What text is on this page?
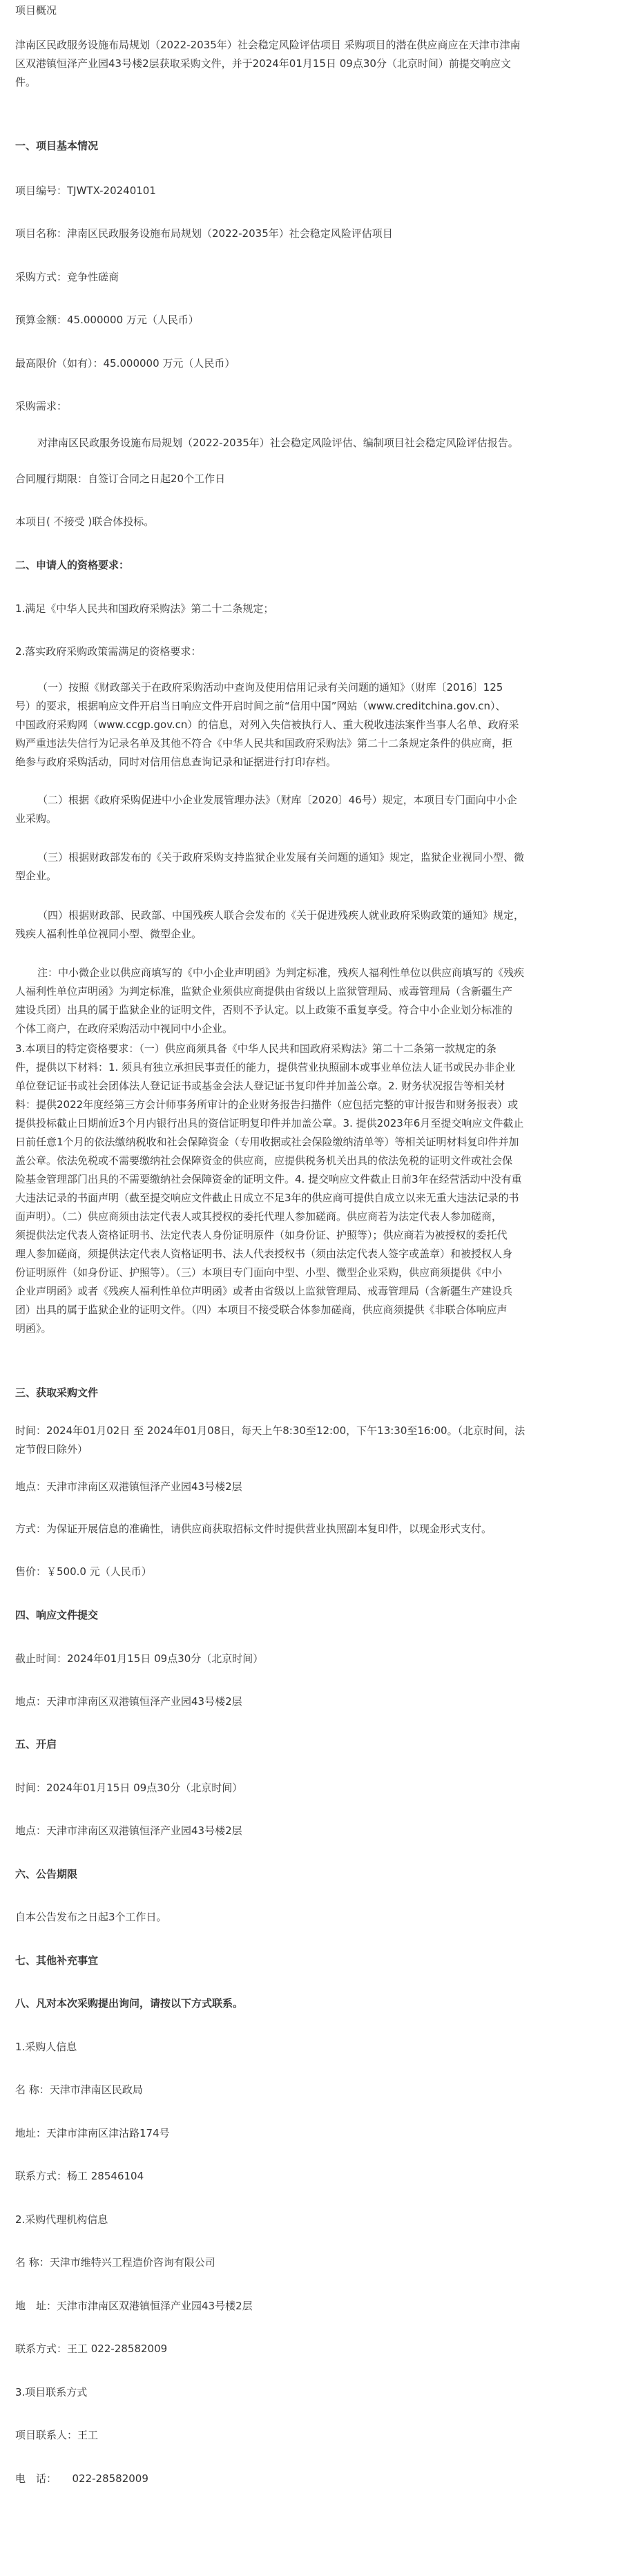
项目概况
津南区民政服务设施布局规划（2022-2035年）社会稳定风险评估项目 采购项目的潜在供应商应在天津市津南
区双港镇恒泽产业园43号楼2层获取采购文件，并于2024年01月15日 09点30分（北京时间）前提交响应文
件。
一、项目基本情况
项目编号：TJWTX-20240101
项目名称：津南区民政服务设施布局规划（2022-2035年）社会稳定风险评估项目
采购方式：竞争性磋商
预算金额：45.000000 万元（人民币）
最高限价（如有）：45.000000 万元（人民币）
采购需求：
对津南区民政服务设施布局规划（2022-2035年）社会稳定风险评估、编制项目社会稳定风险评估报告。
合同履行期限：自签订合同之日起20个工作日
本项目( 不接受 )联合体投标。
二、申请人的资格要求：
1.满足《中华人民共和国政府采购法》第二十二条规定；
2.落实政府采购政策需满足的资格要求：
（一）按照《财政部关于在政府采购活动中查询及使用信用记录有关问题的通知》（财库〔2016〕125
号）的要求，根据响应文件开启当日响应文件开启时间之前“信用中国”网站（www.creditchina.gov.cn）、
中国政府采购网（www.ccgp.gov.cn）的信息，对列入失信被执行人、重大税收违法案件当事人名单、政府采
购严重违法失信行为记录名单及其他不符合《中华人民共和国政府采购法》第二十二条规定条件的供应商，拒
绝参与政府采购活动，同时对信用信息查询记录和证据进行打印存档。
（二）根据《政府采购促进中小企业发展管理办法》（财库〔2020〕46号）规定，本项目专门面向中小企
业采购。
（三）根据财政部发布的《关于政府采购支持监狱企业发展有关问题的通知》规定，监狱企业视同小型、微
型企业。
（四）根据财政部、民政部、中国残疾人联合会发布的《关于促进残疾人就业政府采购政策的通知》规定，
残疾人福利性单位视同小型、微型企业。
注：中小微企业以供应商填写的《中小企业声明函》为判定标准，残疾人福利性单位以供应商填写的《残疾
人福利性单位声明函》为判定标准，监狱企业须供应商提供由省级以上监狱管理局、戒毒管理局（含新疆生产
建设兵团）出具的属于监狱企业的证明文件，否则不予认定。以上政策不重复享受。符合中小企业划分标准的
个体工商户，在政府采购活动中视同中小企业。
3.本项目的特定资格要求：（一）供应商须具备《中华人民共和国政府采购法》第二十二条第一款规定的条
件，提供以下材料：1. 须具有独立承担民事责任的能力，提供营业执照副本或事业单位法人证书或民办非企业
单位登记证书或社会团体法人登记证书或基金会法人登记证书复印件并加盖公章。2. 财务状况报告等相关材
料：提供2022年度经第三方会计师事务所审计的企业财务报告扫描件（应包括完整的审计报告和财务报表）或
提供投标截止日期前近3个月内银行出具的资信证明复印件并加盖公章。3. 提供2023年6月至提交响应文件截止
日前任意1个月的依法缴纳税收和社会保障资金（专用收据或社会保险缴纳清单等）等相关证明材料复印件并加
盖公章。依法免税或不需要缴纳社会保障资金的供应商，应提供税务机关出具的依法免税的证明文件或社会保
险基金管理部门出具的不需要缴纳社会保障资金的证明文件。4. 提交响应文件截止日前3年在经营活动中没有重
大违法记录的书面声明（截至提交响应文件截止日成立不足3年的供应商可提供自成立以来无重大违法记录的书
面声明）。（二）供应商须由法定代表人或其授权的委托代理人参加磋商。供应商若为法定代表人参加磋商，
须提供法定代表人资格证明书、法定代表人身份证明原件（如身份证、护照等）；供应商若为被授权的委托代
理人参加磋商，须提供法定代表人资格证明书、法人代表授权书（须由法定代表人签字或盖章）和被授权人身
份证明原件（如身份证、护照等）。（三）本项目专门面向中型、小型、微型企业采购，供应商须提供《中小
企业声明函》或者《残疾人福利性单位声明函》或者由省级以上监狱管理局、戒毒管理局（含新疆生产建设兵
团）出具的属于监狱企业的证明文件。（四）本项目不接受联合体参加磋商，供应商须提供《非联合体响应声
明函》。
三、获取采购文件
时间：2024年01月02日 至 2024年01月08日，每天上午8:30至12:00，下午13:30至16:00。（北京时间，法
定节假日除外）
地点：天津市津南区双港镇恒泽产业园43号楼2层
方式：为保证开展信息的准确性，请供应商获取招标文件时提供营业执照副本复印件，以现金形式支付。
售价：￥500.0 元（人民币）
四、响应文件提交
截止时间：2024年01月15日 09点30分（北京时间）
地点：天津市津南区双港镇恒泽产业园43号楼2层
五、开启
时间：2024年01月15日 09点30分（北京时间）
地点：天津市津南区双港镇恒泽产业园43号楼2层
六、公告期限
自本公告发布之日起3个工作日。
七、其他补充事宜
八、凡对本次采购提出询问，请按以下方式联系。
1.采购人信息
名 称：天津市津南区民政局
地址：天津市津南区津沽路174号
联系方式：杨工 28546104
2.采购代理机构信息
名 称：天津市维特兴工程造价咨询有限公司
地　址：天津市津南区双港镇恒泽产业园43号楼2层
联系方式：王工 022-28582009
3.项目联系方式
项目联系人：王工
电　话：　　022-28582009
